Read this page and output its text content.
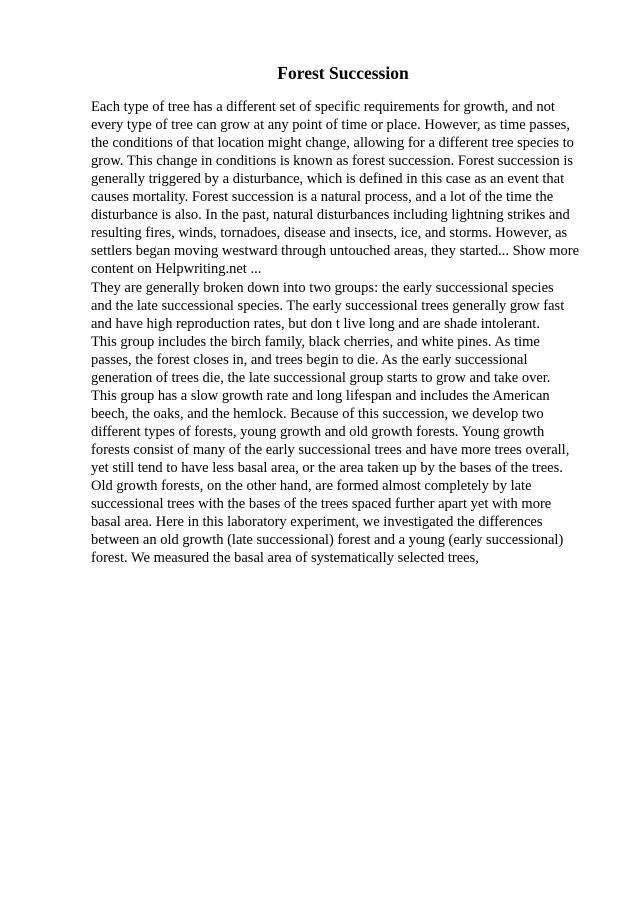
Forest Succession

Each type of tree has a different set of specific requirements for growth, and not

every type of tree can grow at any point of time or place. However, as time passes,

the conditions of that location might change, allowing for a different tree species to

grow. This change in conditions is known as forest succession. Forest succession is

generally triggered by a disturbance, which is defined in this case as an event that

causes mortality. Forest succession is a natural process, and a lot of the time the

disturbance is also. In the past, natural disturbances including lightning strikes and

resulting fires, winds, tornadoes, disease and insects, ice, and storms. However, as

settlers began moving westward through untouched areas, they started... Show more

content on Helpwriting.net ...

They are generally broken down into two groups: the early successional species

and the late successional species. The early successional trees generally grow fast

and have high reproduction rates, but don t live long and are shade intolerant.

This group includes the birch family, black cherries, and white pines. As time

passes, the forest closes in, and trees begin to die. As the early successional

generation of trees die, the late successional group starts to grow and take over.

This group has a slow growth rate and long lifespan and includes the American

beech, the oaks, and the hemlock. Because of this succession, we develop two

different types of forests, young growth and old growth forests. Young growth

forests consist of many of the early successional trees and have more trees overall,

yet still tend to have less basal area, or the area taken up by the bases of the trees.

Old growth forests, on the other hand, are formed almost completely by late

successional trees with the bases of the trees spaced further apart yet with more

basal area. Here in this laboratory experiment, we investigated the differences

between an old growth (late successional) forest and a young (early successional)

forest. We measured the basal area of systematically selected trees,
